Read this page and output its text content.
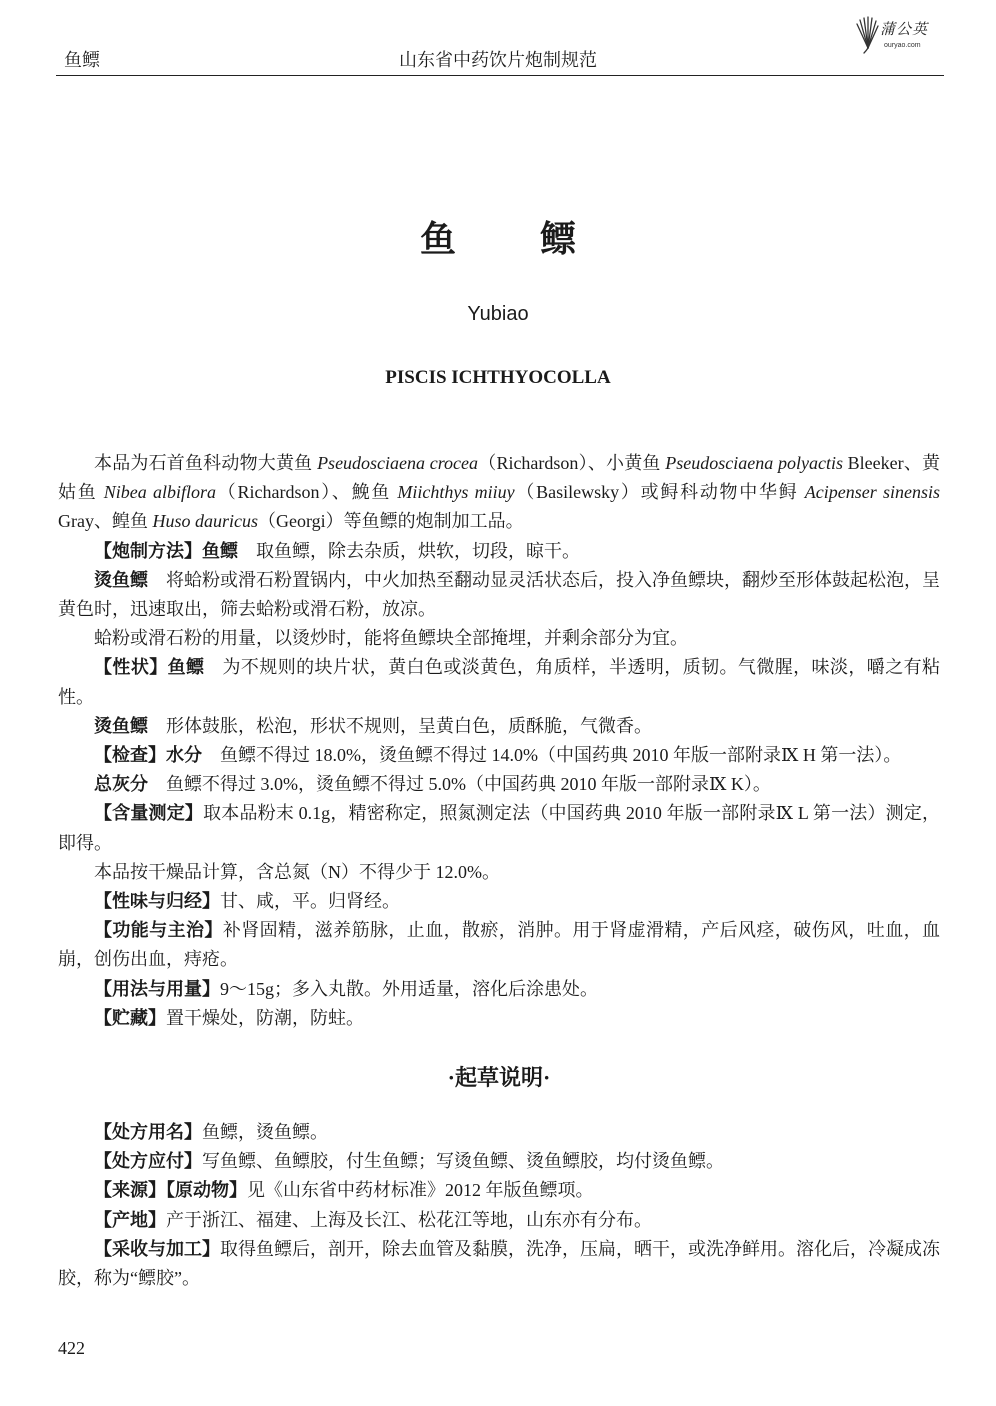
鱼鳔	山东省中药饮片炮制规范
蒲公英
ouryao.com
鱼鳔
Yubiao
PISCIS ICHTHYOCOLLA

本品为石首鱼科动物大黄鱼 Pseudosciaena crocea（Richardson）、小黄鱼 Pseudosciaena polyactis Bleeker、黄姑鱼 Nibea albiflora（Richardson）、鮸鱼 Miichthys miiuy（Basilewsky）或鲟科动物中华鲟 Acipenser sinensis Gray、鳇鱼 Huso dauricus（Georgi）等鱼鳔的炮制加工品。

【炮制方法】鱼鳔 取鱼鳔，除去杂质，烘软，切段，晾干。

烫鱼鳔 将蛤粉或滑石粉置锅内，中火加热至翻动显灵活状态后，投入净鱼鳔块，翻炒至形体鼓起松泡，呈黄色时，迅速取出，筛去蛤粉或滑石粉，放凉。

蛤粉或滑石粉的用量，以烫炒时，能将鱼鳔块全部掩埋，并剩余部分为宜。

【性状】鱼鳔 为不规则的块片状，黄白色或淡黄色，角质样，半透明，质韧。气微腥，味淡，嚼之有粘性。

烫鱼鳔 形体鼓胀，松泡，形状不规则，呈黄白色，质酥脆，气微香。

【检查】水分 鱼鳔不得过 18.0%，烫鱼鳔不得过 14.0%（中国药典 2010 年版一部附录Ⅸ H 第一法）。

总灰分 鱼鳔不得过 3.0%，烫鱼鳔不得过 5.0%（中国药典 2010 年版一部附录Ⅸ K）。

【含量测定】取本品粉末 0.1g，精密称定，照氮测定法（中国药典 2010 年版一部附录Ⅸ L 第一法）测定，即得。

本品按干燥品计算，含总氮（N）不得少于 12.0%。

【性味与归经】甘、咸，平。归肾经。

【功能与主治】补肾固精，滋养筋脉，止血，散瘀，消肿。用于肾虚滑精，产后风痉，破伤风，吐血，血崩，创伤出血，痔疮。

【用法与用量】9～15g；多入丸散。外用适量，溶化后涂患处。

【贮藏】置干燥处，防潮，防蛀。

·起草说明·

【处方用名】鱼鳔，烫鱼鳔。

【处方应付】写鱼鳔、鱼鳔胶，付生鱼鳔；写烫鱼鳔、烫鱼鳔胶，均付烫鱼鳔。

【来源】【原动物】见《山东省中药材标准》2012 年版鱼鳔项。

【产地】产于浙江、福建、上海及长江、松花江等地，山东亦有分布。

【采收与加工】取得鱼鳔后，剖开，除去血管及黏膜，洗净，压扁，晒干，或洗净鲜用。溶化后，冷凝成冻胶，称为“鳔胶”。

422
